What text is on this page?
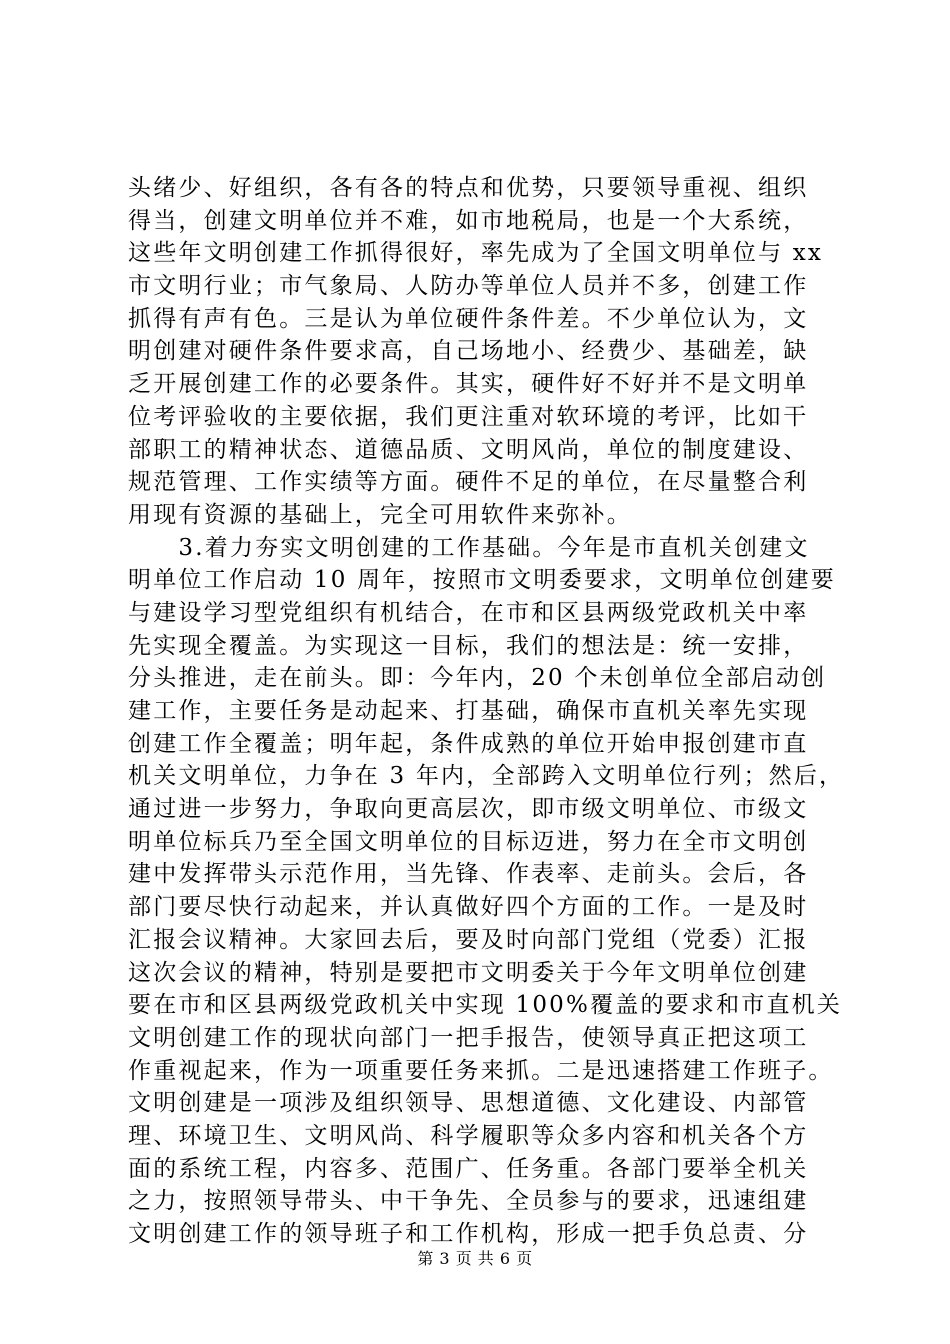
头绪少、好组织，各有各的特点和优势，只要领导重视、组织
得当，创建文明单位并不难，如市地税局，也是一个大系统，
这些年文明创建工作抓得很好，率先成为了全国文明单位与 xx
市文明行业；市气象局、人防办等单位人员并不多，创建工作
抓得有声有色。三是认为单位硬件条件差。不少单位认为，文
明创建对硬件条件要求高，自己场地小、经费少、基础差，缺
乏开展创建工作的必要条件。其实，硬件好不好并不是文明单
位考评验收的主要依据，我们更注重对软环境的考评，比如干
部职工的精神状态、道德品质、文明风尚，单位的制度建设、
规范管理、工作实绩等方面。硬件不足的单位，在尽量整合利
用现有资源的基础上，完全可用软件来弥补。
　　3.着力夯实文明创建的工作基础。今年是市直机关创建文
明单位工作启动 10 周年，按照市文明委要求，文明单位创建要
与建设学习型党组织有机结合，在市和区县两级党政机关中率
先实现全覆盖。为实现这一目标，我们的想法是：统一安排，
分头推进，走在前头。即：今年内，20 个未创单位全部启动创
建工作，主要任务是动起来、打基础，确保市直机关率先实现
创建工作全覆盖；明年起，条件成熟的单位开始申报创建市直
机关文明单位，力争在 3 年内，全部跨入文明单位行列；然后，
通过进一步努力，争取向更高层次，即市级文明单位、市级文
明单位标兵乃至全国文明单位的目标迈进，努力在全市文明创
建中发挥带头示范作用，当先锋、作表率、走前头。会后，各
部门要尽快行动起来，并认真做好四个方面的工作。一是及时
汇报会议精神。大家回去后，要及时向部门党组（党委）汇报
这次会议的精神，特别是要把市文明委关于今年文明单位创建
要在市和区县两级党政机关中实现 100%覆盖的要求和市直机关
文明创建工作的现状向部门一把手报告，使领导真正把这项工
作重视起来，作为一项重要任务来抓。二是迅速搭建工作班子。
文明创建是一项涉及组织领导、思想道德、文化建设、内部管
理、环境卫生、文明风尚、科学履职等众多内容和机关各个方
面的系统工程，内容多、范围广、任务重。各部门要举全机关
之力，按照领导带头、中干争先、全员参与的要求，迅速组建
文明创建工作的领导班子和工作机构，形成一把手负总责、分
第 3 页 共 6 页
